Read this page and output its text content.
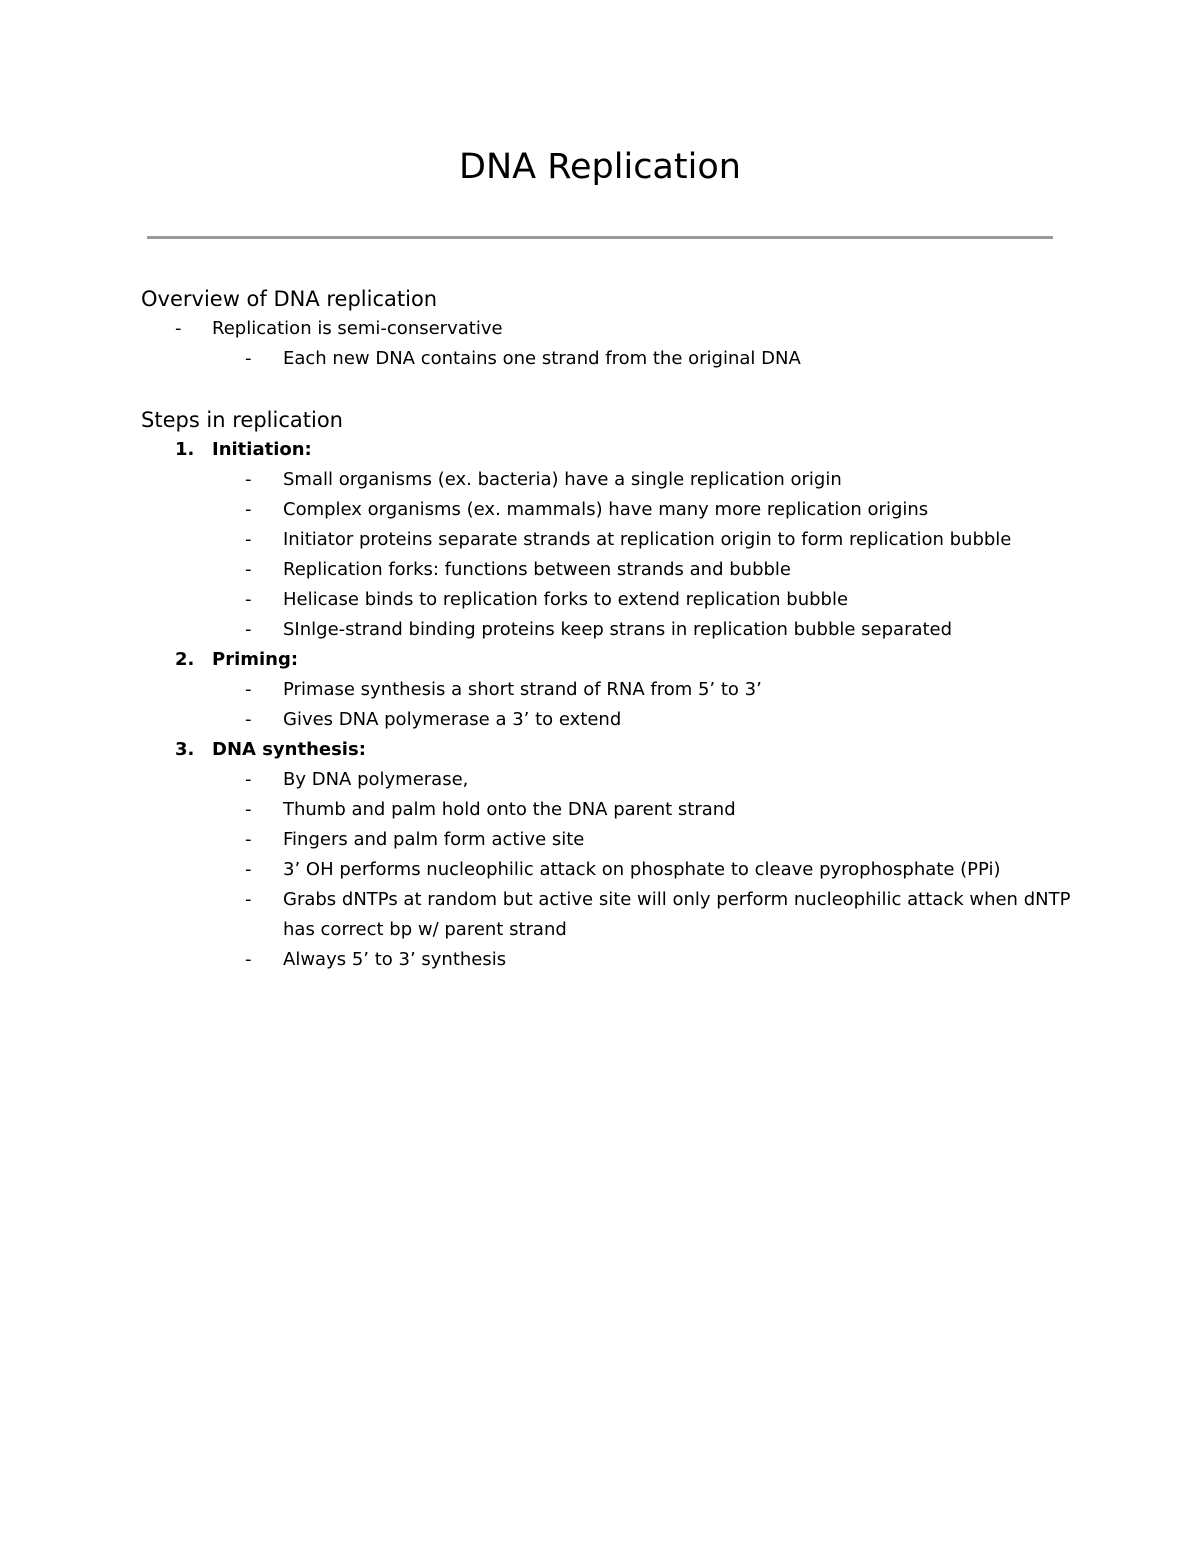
DNA Replication
Overview of DNA replication
- Replication is semi-conservative
- Each new DNA contains one strand from the original DNA
Steps in replication
1. Initiation:
- Small organisms (ex. bacteria) have a single replication origin
- Complex organisms (ex. mammals) have many more replication origins
- Initiator proteins separate strands at replication origin to form replication bubble
- Replication forks: functions between strands and bubble
- Helicase binds to replication forks to extend replication bubble
- SInlge-strand binding proteins keep strans in replication bubble separated
2. Priming:
- Primase synthesis a short strand of RNA from 5’ to 3’
- Gives DNA polymerase a 3’ to extend
3. DNA synthesis:
- By DNA polymerase,
- Thumb and palm hold onto the DNA parent strand
- Fingers and palm form active site
- 3’ OH performs nucleophilic attack on phosphate to cleave pyrophosphate (PPi)
- Grabs dNTPs at random but active site will only perform nucleophilic attack when dNTP has correct bp w/ parent strand
- Always 5’ to 3’ synthesis
